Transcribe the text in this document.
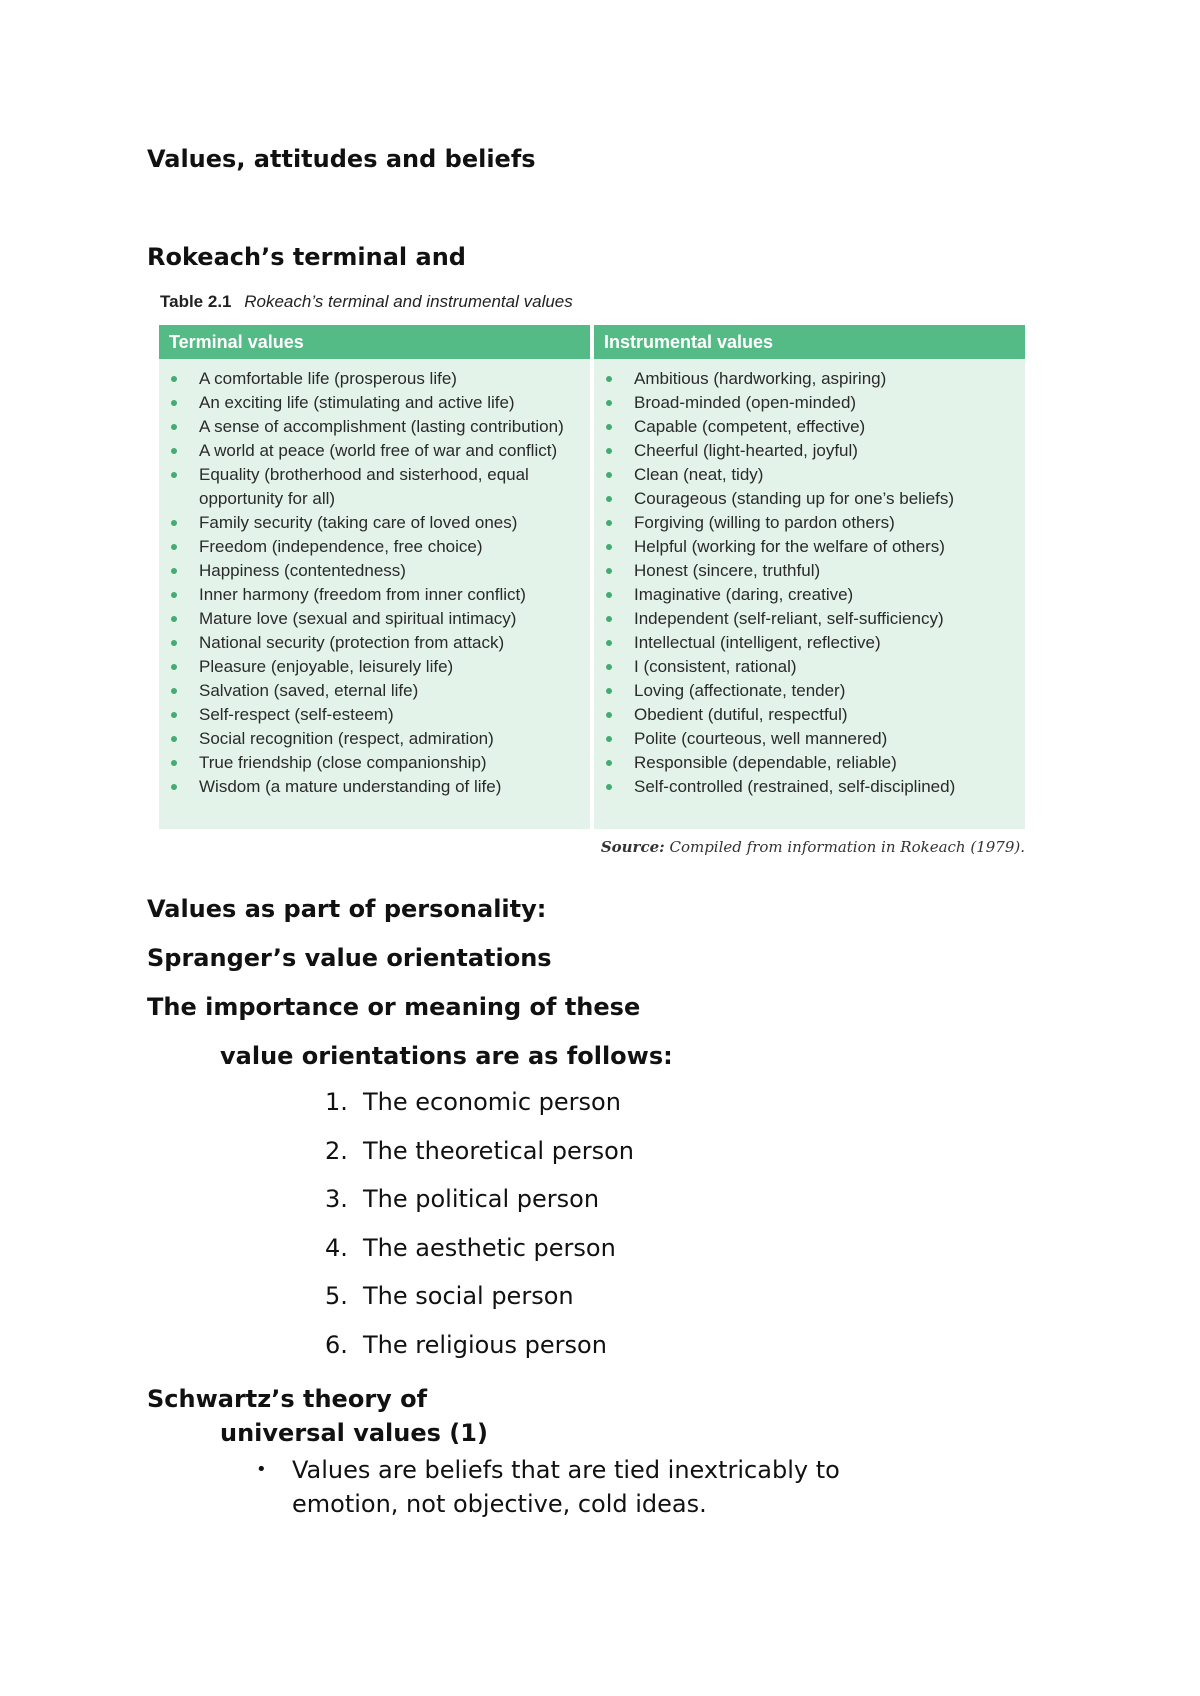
Values, attitudes and beliefs
Rokeach’s terminal and
Table 2.1 Rokeach’s terminal and instrumental values
Terminal values
A comfortable life (prosperous life)
An exciting life (stimulating and active life)
A sense of accomplishment (lasting contribution)
A world at peace (world free of war and conflict)
Equality (brotherhood and sisterhood, equal opportunity for all)
Family security (taking care of loved ones)
Freedom (independence, free choice)
Happiness (contentedness)
Inner harmony (freedom from inner conflict)
Mature love (sexual and spiritual intimacy)
National security (protection from attack)
Pleasure (enjoyable, leisurely life)
Salvation (saved, eternal life)
Self-respect (self-esteem)
Social recognition (respect, admiration)
True friendship (close companionship)
Wisdom (a mature understanding of life)
Instrumental values
Ambitious (hardworking, aspiring)
Broad-minded (open-minded)
Capable (competent, effective)
Cheerful (light-hearted, joyful)
Clean (neat, tidy)
Courageous (standing up for one’s beliefs)
Forgiving (willing to pardon others)
Helpful (working for the welfare of others)
Honest (sincere, truthful)
Imaginative (daring, creative)
Independent (self-reliant, self-sufficiency)
Intellectual (intelligent, reflective)
I (consistent, rational)
Loving (affectionate, tender)
Obedient (dutiful, respectful)
Polite (courteous, well mannered)
Responsible (dependable, reliable)
Self-controlled (restrained, self-disciplined)
Source: Compiled from information in Rokeach (1979).
Values as part of personality:
Spranger’s value orientations
The importance or meaning of these
value orientations are as follows:
1. The economic person
2. The theoretical person
3. The political person
4. The aesthetic person
5. The social person
6. The religious person
Schwartz’s theory of
universal values (1)
• Values are beliefs that are tied inextricably to emotion, not objective, cold ideas.
